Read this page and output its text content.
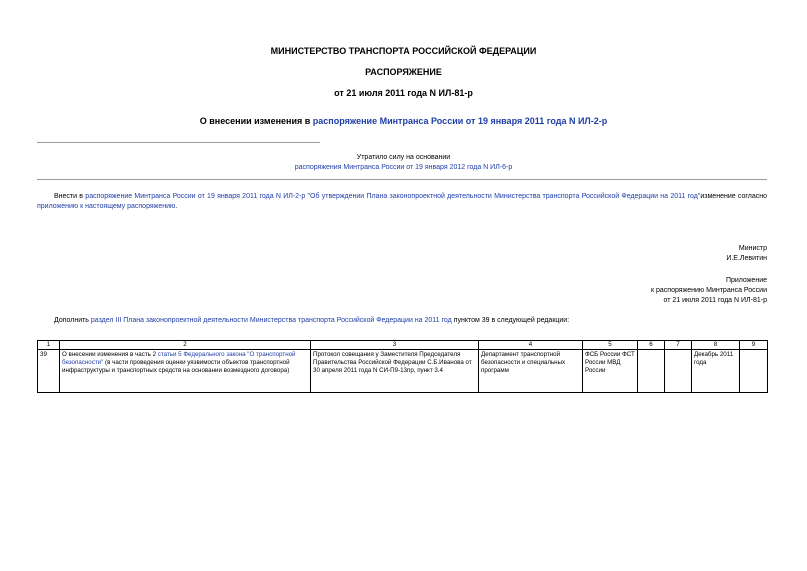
МИНИСТЕРСТВО ТРАНСПОРТА РОССИЙСКОЙ ФЕДЕРАЦИИ
РАСПОРЯЖЕНИЕ
от 21 июля 2011 года N ИЛ-81-р
О внесении изменения в распоряжение Минтранса России от 19 января 2011 года N ИЛ-2-р
Утратило силу на основании
распоряжения Минтранса России от 19 января 2012 года N ИЛ-6-р
Внести в распоряжение Минтранса России от 19 января 2011 года N ИЛ-2-р "Об утверждении Плана законопроектной деятельности Министерства транспорта Российской Федерации на 2011 год"изменение согласно приложению к настоящему распоряжению.
Министр
И.Е.Левитин
Приложение
к распоряжению Минтранса России
от 21 июля 2011 года N ИЛ-81-р
Дополнить раздел III Плана законопроектной деятельности Министерства транспорта Российской Федерации на 2011 год пунктом 39 в следующей редакции:
1	2	3	4	5	6	7	8	9
39	О внесении изменения в часть 2 статьи 5 Федерального закона "О транспортной безопасности" (в части проведения оценки уязвимости объектов транспортной инфраструктуры и транспортных средств на основании возмездного договора)	Протокол совещания у Заместителя Председателя Правительства Российской Федерации С.Б.Иванова от 30 апреля 2011 года N СИ-П9-13пр, пункт 3.4	Департамент транспортной безопасности и специальных программ	ФСБ России ФСТ России МВД России			Декабрь 2011 года	
